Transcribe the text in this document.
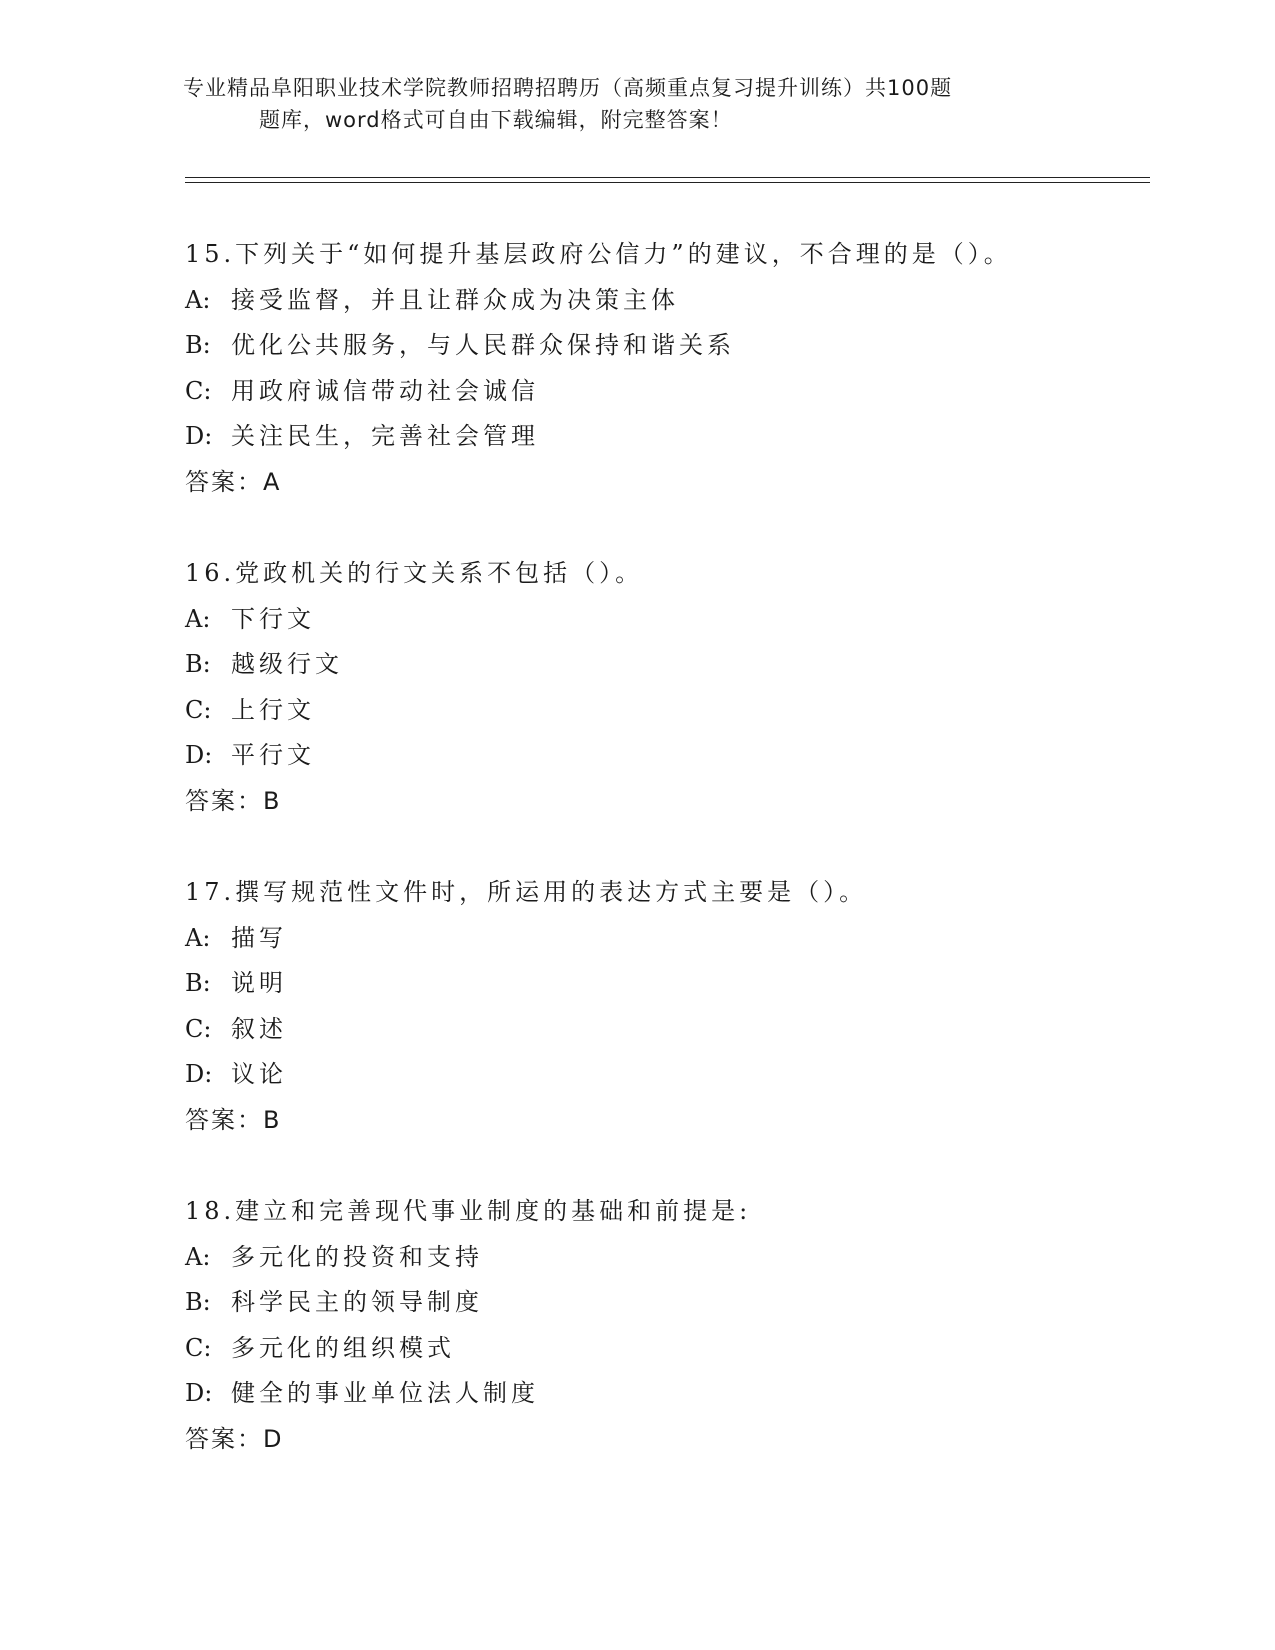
专业精品阜阳职业技术学院教师招聘招聘历（高频重点复习提升训练）共100题
题库，word格式可自由下载编辑，附完整答案！
15.下列关于“如何提升基层政府公信力”的建议，不合理的是（）。
A: 接受监督，并且让群众成为决策主体
B: 优化公共服务，与人民群众保持和谐关系
C: 用政府诚信带动社会诚信
D: 关注民生，完善社会管理
答案：A
16.党政机关的行文关系不包括（）。
A: 下行文
B: 越级行文
C: 上行文
D: 平行文
答案：B
17.撰写规范性文件时，所运用的表达方式主要是（）。
A: 描写
B: 说明
C: 叙述
D: 议论
答案：B
18.建立和完善现代事业制度的基础和前提是:
A: 多元化的投资和支持
B: 科学民主的领导制度
C: 多元化的组织模式
D: 健全的事业单位法人制度
答案：D
